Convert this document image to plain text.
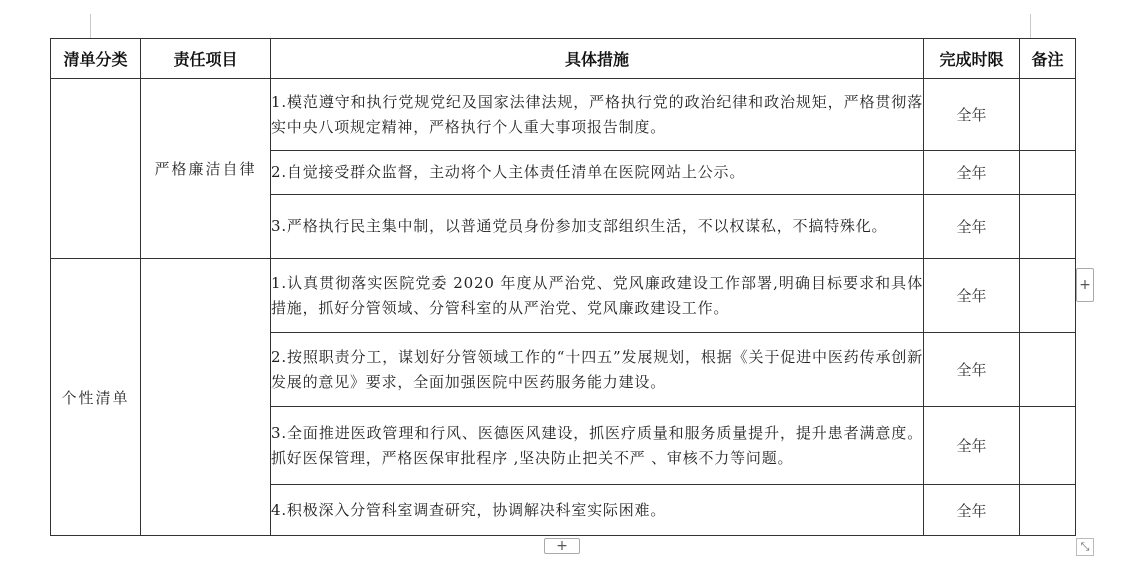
清单分类	责任项目	具体措施	完成时限	备注
	严格廉洁自律	1.模范遵守和执行党规党纪及国家法律法规，严格执行党的政治纪律和政治规矩，严格贯彻落实中央八项规定精神，严格执行个人重大事项报告制度。	全年	
		2.自觉接受群众监督，主动将个人主体责任清单在医院网站上公示。	全年	
		3.严格执行民主集中制，以普通党员身份参加支部组织生活，不以权谋私，不搞特殊化。	全年	
个性清单		1.认真贯彻落实医院党委 2020 年度从严治党、党风廉政建设工作部署,明确目标要求和具体措施，抓好分管领域、分管科室的从严治党、党风廉政建设工作。	全年	
		2.按照职责分工，谋划好分管领域工作的“十四五”发展规划，根据《关于促进中医药传承创新发展的意见》要求，全面加强医院中医药服务能力建设。	全年	
		3.全面推进医政管理和行风、医德医风建设，抓医疗质量和服务质量提升，提升患者满意度。抓好医保管理，严格医保审批程序 ,坚决防止把关不严 、审核不力等问题。	全年	
		4.积极深入分管科室调查研究，协调解决科室实际困难。	全年	
+
+
⤡
